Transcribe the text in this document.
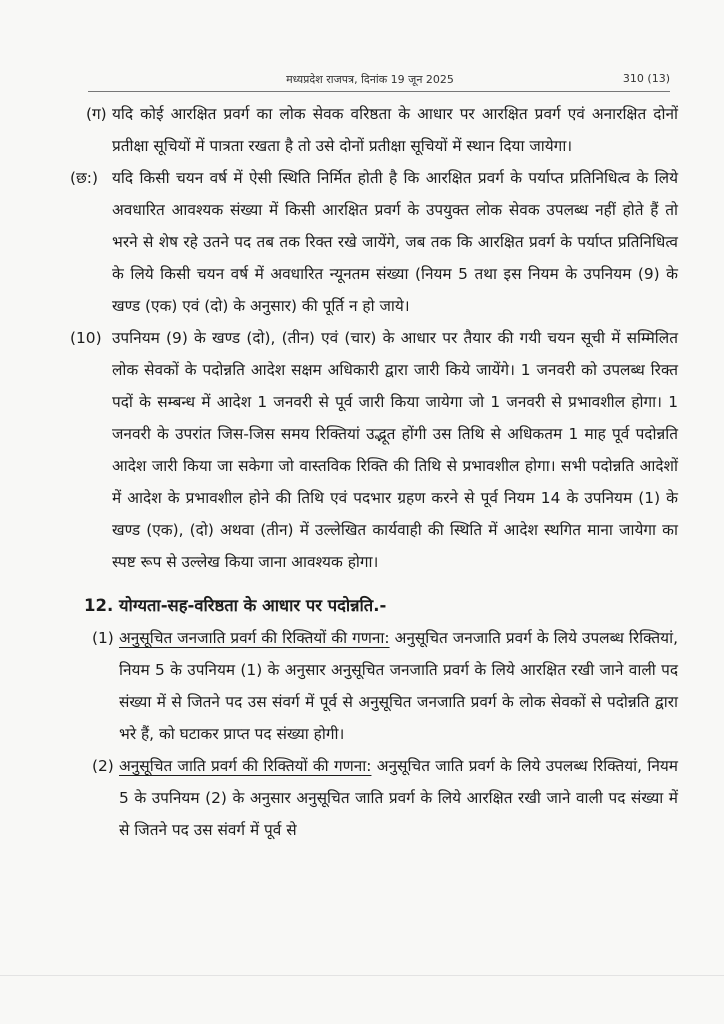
मध्यप्रदेश राजपत्र, दिनांक 19 जून 2025	310 (13)

(ग) यदि कोई आरक्षित प्रवर्ग का लोक सेवक वरिष्ठता के आधार पर आरक्षित प्रवर्ग एवं अनारक्षित दोनों प्रतीक्षा सूचियों में पात्रता रखता है तो उसे दोनों प्रतीक्षा सूचियों में स्थान दिया जायेगा।

(छ:) यदि किसी चयन वर्ष में ऐसी स्थिति निर्मित होती है कि आरक्षित प्रवर्ग के पर्याप्त प्रतिनिधित्व के लिये अवधारित आवश्यक संख्या में किसी आरक्षित प्रवर्ग के उपयुक्त लोक सेवक उपलब्ध नहीं होते हैं तो भरने से शेष रहे उतने पद तब तक रिक्त रखे जायेंगे, जब तक कि आरक्षित प्रवर्ग के पर्याप्त प्रतिनिधित्व के लिये किसी चयन वर्ष में अवधारित न्यूनतम संख्या (नियम 5 तथा इस नियम के उपनियम (9) के खण्ड (एक) एवं (दो) के अनुसार) की पूर्ति न हो जाये।

(10) उपनियम (9) के खण्ड (दो), (तीन) एवं (चार) के आधार पर तैयार की गयी चयन सूची में सम्मिलित लोक सेवकों के पदोन्नति आदेश सक्षम अधिकारी द्वारा जारी किये जायेंगे। 1 जनवरी को उपलब्ध रिक्त पदों के सम्बन्ध में आदेश 1 जनवरी से पूर्व जारी किया जायेगा जो 1 जनवरी से प्रभावशील होगा। 1 जनवरी के उपरांत जिस-जिस समय रिक्तियां उद्भूत होंगी उस तिथि से अधिकतम 1 माह पूर्व पदोन्नति आदेश जारी किया जा सकेगा जो वास्तविक रिक्ति की तिथि से प्रभावशील होगा। सभी पदोन्नति आदेशों में आदेश के प्रभावशील होने की तिथि एवं पदभार ग्रहण करने से पूर्व नियम 14 के उपनियम (1) के खण्ड (एक), (दो) अथवा (तीन) में उल्लेखित कार्यवाही की स्थिति में आदेश स्थगित माना जायेगा का स्पष्ट रूप से उल्लेख किया जाना आवश्यक होगा।

12. योग्यता-सह-वरिष्ठता के आधार पर पदोन्नति.-

(1) अनुसूचित जनजाति प्रवर्ग की रिक्तियों की गणना: अनुसूचित जनजाति प्रवर्ग के लिये उपलब्ध रिक्तियां, नियम 5 के उपनियम (1) के अनुसार अनुसूचित जनजाति प्रवर्ग के लिये आरक्षित रखी जाने वाली पद संख्या में से जितने पद उस संवर्ग में पूर्व से अनुसूचित जनजाति प्रवर्ग के लोक सेवकों से पदोन्नति द्वारा भरे हैं, को घटाकर प्राप्त पद संख्या होगी।

(2) अनुसूचित जाति प्रवर्ग की रिक्तियों की गणना: अनुसूचित जाति प्रवर्ग के लिये उपलब्ध रिक्तियां, नियम 5 के उपनियम (2) के अनुसार अनुसूचित जाति प्रवर्ग के लिये आरक्षित रखी जाने वाली पद संख्या में से जितने पद उस संवर्ग में पूर्व से
